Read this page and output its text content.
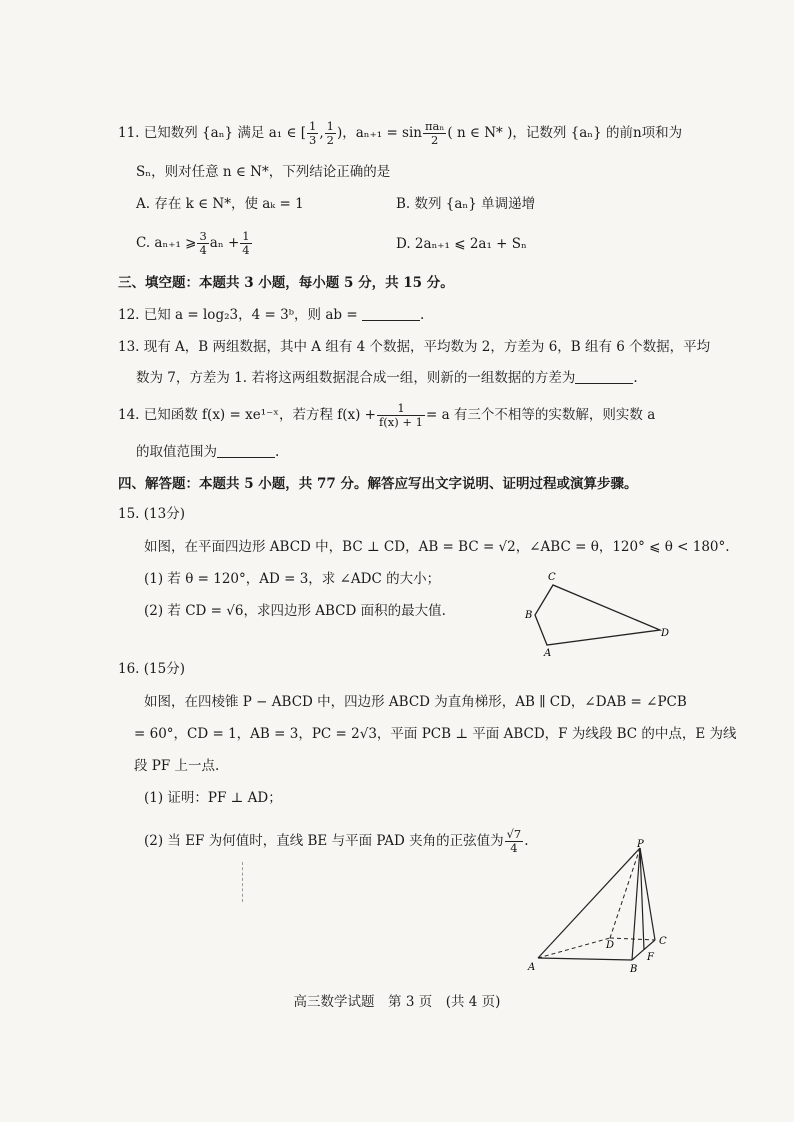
11. 已知数列 {aₙ} 满足 a₁ ∈ [ $\frac{1}{3}$ , $\frac{1}{2}$ )，$a_{n+1} = \sin \frac{\text{πaₙ}}{2}$ ( n ∈ N* )，记数列 {aₙ} 的前n项和为
Sₙ，则对任意 n ∈ N*，下列结论正确的是
A. 存在 k ∈ N*，使 aₖ = 1	B. 数列 {aₙ} 单调递增
C. aₙ₊₁ ⩾ $\frac{3}{4}$ $a_n + \frac{1}{4}$	D. 2aₙ₊₁ ⩽ 2a₁ + Sₙ
三、填空题：本题共 3 小题，每小题 5 分，共 15 分。
12. 已知 a = log₂3，4 = 3ᵇ，则 ab =	.
13. 现有 A，B 两组数据，其中 A 组有 4 个数据，平均数为 2，方差为 6，B 组有 6 个数据，平均
数为 7，方差为 1. 若将这两组数据混合成一组，则新的一组数据的方差为	.
14. 已知函数 f(x) = xe¹⁻ˣ，若方程 $f(x) + \frac{1}{f(x) + 1} = a$ 有三个不相等的实数解，则实数 a
的取值范围为	.
四、解答题：本题共 5 小题，共 77 分。解答应写出文字说明、证明过程或演算步骤。
15. (13分)
如图，在平面四边形 ABCD 中，BC ⊥ CD，AB = BC = √2，∠ABC = θ，120° ⩽ θ < 180°.
(1) 若 θ = 120°，AD = 3，求 ∠ADC 的大小；
(2) 若 CD = √6，求四边形 ABCD 面积的最大值.
C
B
A
D
16. (15分)
如图，在四棱锥 P − ABCD 中，四边形 ABCD 为直角梯形，AB ∥ CD，∠DAB = ∠PCB
= 60°，CD = 1，AB = 3，PC = 2√3，平面 PCB ⊥ 平面 ABCD，F 为线段 BC 的中点，E 为线
段 PF 上一点.
(1) 证明：PF ⊥ AD；
(2) 当 EF 为何值时，直线 BE 与平面 PAD 夹角的正弦值为 $\frac{√7}{4}$ .	P
A	B
C
D
F
高三数学试题　第 3 页　(共 4 页)
